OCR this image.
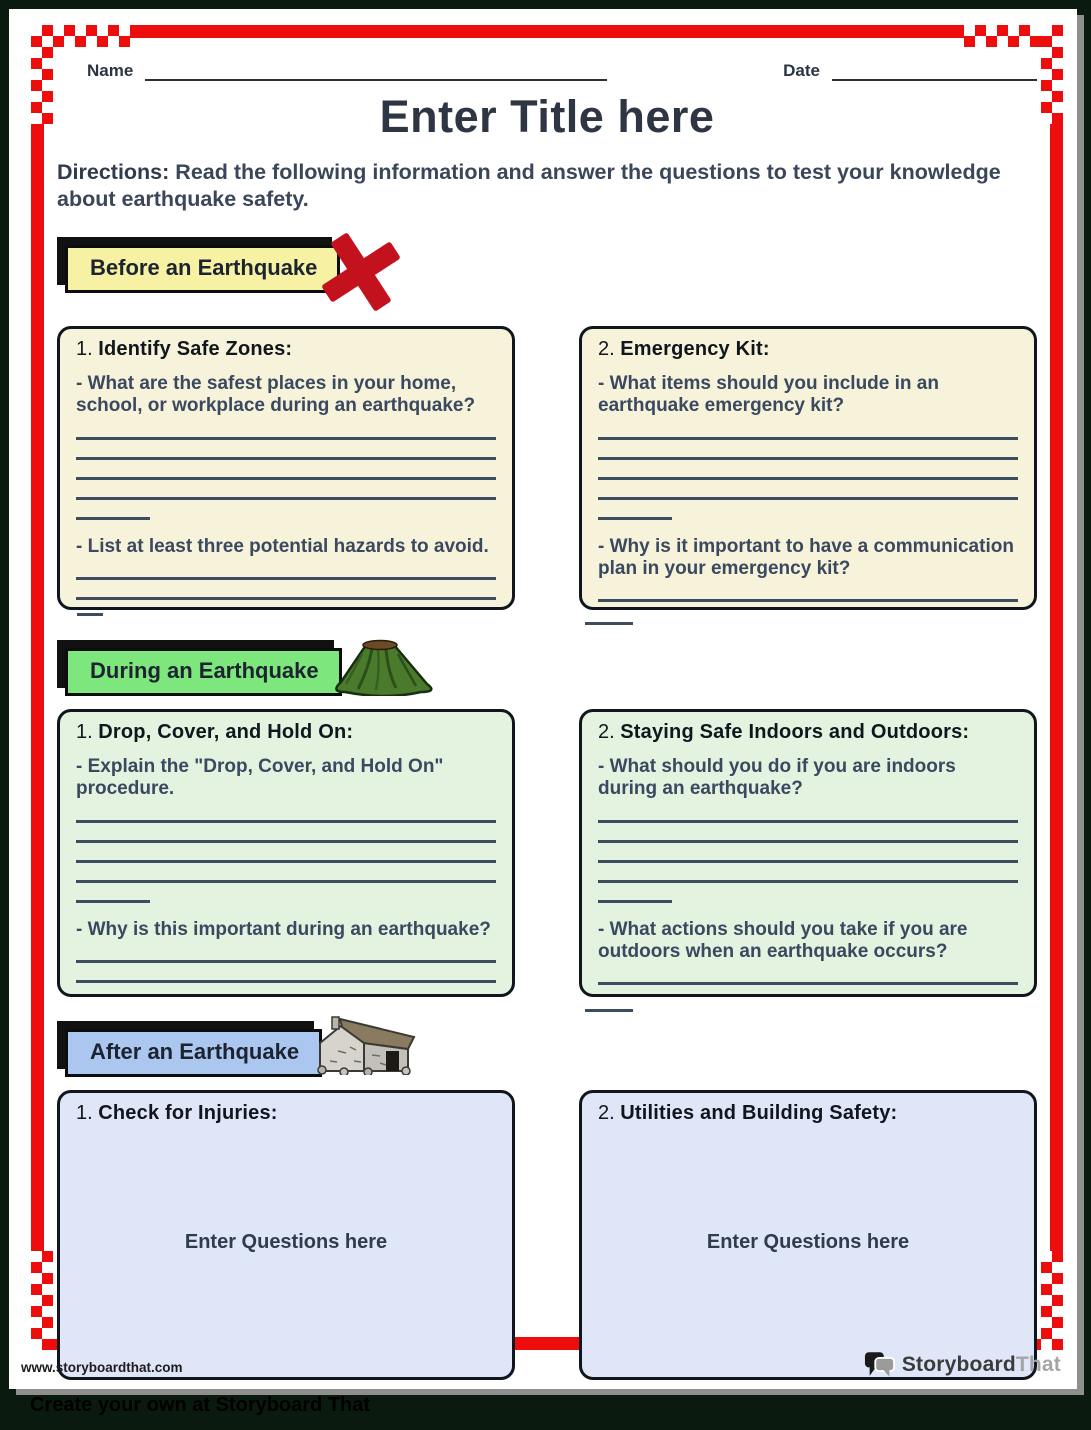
Name	Date
Enter Title here
Directions: Read the following information and answer the questions to test your knowledge about earthquake safety.
Before an Earthquake
1. Identify Safe Zones:
- What are the safest places in your home, school, or workplace during an earthquake?
- List at least three potential hazards to avoid.
2. Emergency Kit:
- What items should you include in an earthquake emergency kit?
- Why is it important to have a communication plan in your emergency kit?
During an Earthquake
1. Drop, Cover, and Hold On:
- Explain the "Drop, Cover, and Hold On" procedure.
- Why is this important during an earthquake?
2. Staying Safe Indoors and Outdoors:
- What should you do if you are indoors during an earthquake?
- What actions should you take if you are outdoors when an earthquake occurs?
After an Earthquake
1. Check for Injuries:
Enter Questions here
2. Utilities and Building Safety:
Enter Questions here
www.storyboardthat.com	StoryboardThat
Create your own at Storyboard That
